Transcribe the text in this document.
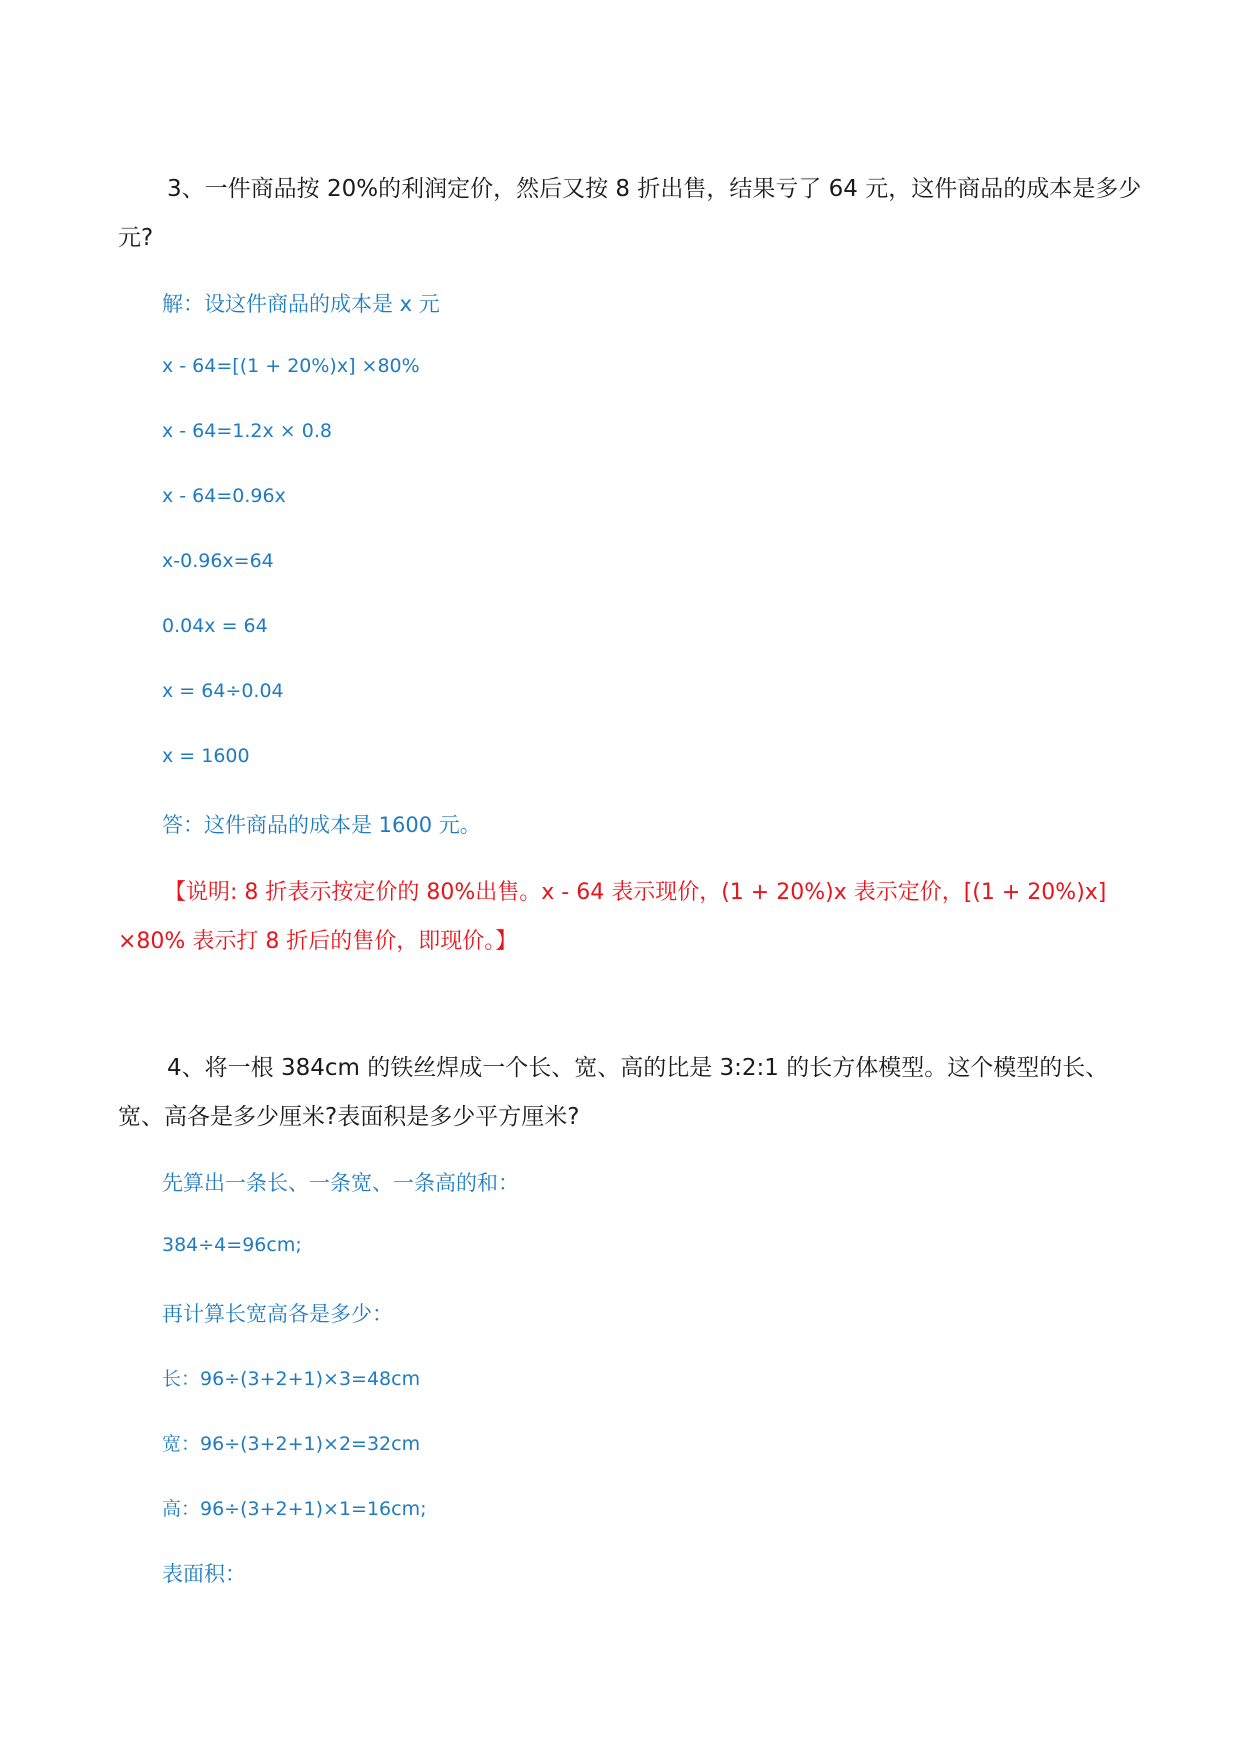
3、一件商品按 20%的利润定价，然后又按 8 折出售，结果亏了 64 元，这件商品的成本是多少元?

解：设这件商品的成本是 x 元

x - 64=[(1 + 20%)x] ×80%

x - 64=1.2x × 0.8

x - 64=0.96x

x-0.96x=64

0.04x = 64

x = 64÷0.04

x = 1600

答：这件商品的成本是 1600 元。

【说明: 8 折表示按定价的 80%出售。x - 64 表示现价，(1 + 20%)x 表示定价，[(1 + 20%)x] ×80% 表示打 8 折后的售价，即现价。】

4、将一根 384cm 的铁丝焊成一个长、宽、高的比是 3:2:1 的长方体模型。这个模型的长、宽、高各是多少厘米?表面积是多少平方厘米?

先算出一条长、一条宽、一条高的和：

384÷4=96cm;

再计算长宽高各是多少：

长：96÷(3+2+1)×3=48cm

宽：96÷(3+2+1)×2=32cm

高：96÷(3+2+1)×1=16cm;

表面积：
